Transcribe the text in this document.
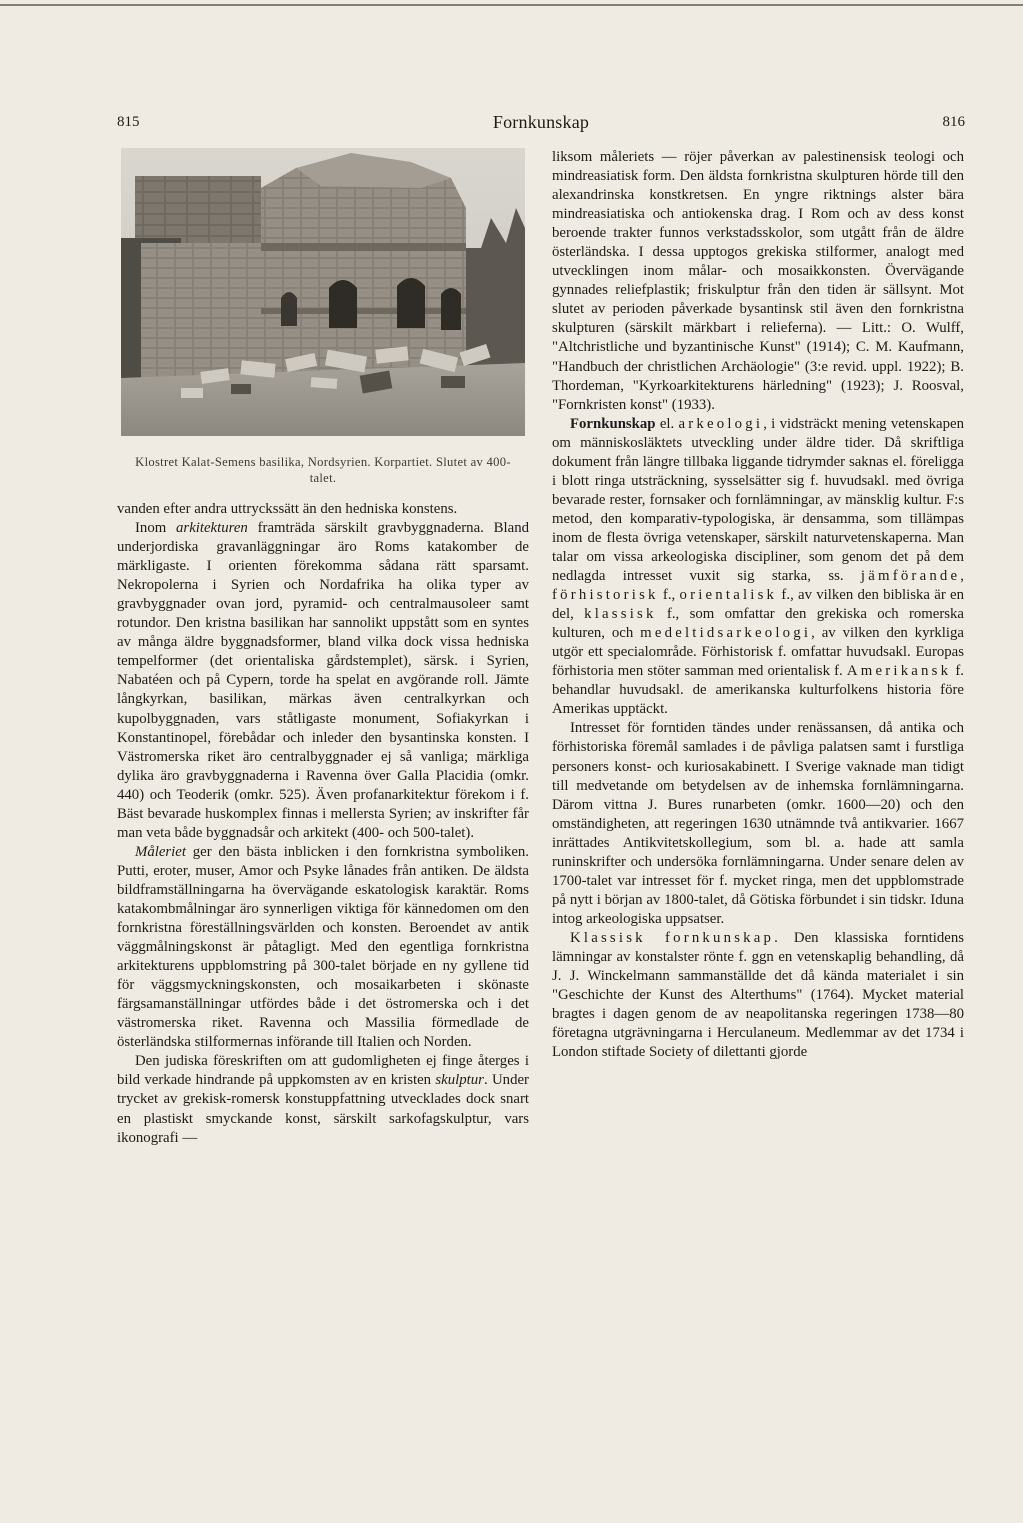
815	Fornkunskap	816
Klostret Kalat-Semens basilika, Nordsyrien. Korpartiet. Slutet av 400-talet.

vanden efter andra uttryckssätt än den hedniska konstens.

Inom arkitekturen framträda särskilt gravbyggnaderna. Bland underjordiska gravanläggningar äro Roms katakomber de märkligaste. I orienten förekomma sådana rätt sparsamt. Nekropolerna i Syrien och Nordafrika ha olika typer av gravbyggnader ovan jord, pyramid- och centralmausoleer samt rotundor. Den kristna basilikan har sannolikt uppstått som en syntes av många äldre byggnadsformer, bland vilka dock vissa hedniska tempelformer (det orientaliska gårdstemplet), särsk. i Syrien, Nabatéen och på Cypern, torde ha spelat en avgörande roll. Jämte långkyrkan, basilikan, märkas även centralkyrkan och kupolbyggnaden, vars ståtligaste monument, Sofiakyrkan i Konstantinopel, förebådar och inleder den bysantinska konsten. I Västromerska riket äro centralbyggnader ej så vanliga; märkliga dylika äro gravbyggnaderna i Ravenna över Galla Placidia (omkr. 440) och Teoderik (omkr. 525). Även profanarkitektur förekom i f. Bäst bevarade huskomplex finnas i mellersta Syrien; av inskrifter får man veta både byggnadsår och arkitekt (400- och 500-talet).

Måleriet ger den bästa inblicken i den fornkristna symboliken. Putti, eroter, muser, Amor och Psyke lånades från antiken. De äldsta bildframställningarna ha övervägande eskatologisk karaktär. Roms katakombmålningar äro synnerligen viktiga för kännedomen om den fornkristna föreställningsvärlden och konsten. Beroendet av antik väggmålningskonst är påtagligt. Med den egentliga fornkristna arkitekturens uppblomstring på 300-talet började en ny gyllene tid för väggsmyckningskonsten, och mosaikarbeten i skönaste färgsamanställningar utfördes både i det östromerska och i det västromerska riket. Ravenna och Massilia förmedlade de österländska stilformernas införande till Italien och Norden.

Den judiska föreskriften om att gudomligheten ej finge återges i bild verkade hindrande på uppkomsten av en kristen skulptur. Under trycket av grekisk-romersk konstuppfattning utvecklades dock snart en plastiskt smyckande konst, särskilt sarkofagskulptur, vars ikonografi —

liksom måleriets — röjer påverkan av palestinensisk teologi och mindreasiatisk form. Den äldsta fornkristna skulpturen hörde till den alexandrinska konstkretsen. En yngre riktnings alster bära mindreasiatiska och antiokenska drag. I Rom och av dess konst beroende trakter funnos verkstadsskolor, som utgått från de äldre österländska. I dessa upptogos grekiska stilformer, analogt med utvecklingen inom målar- och mosaikkonsten. Övervägande gynnades reliefplastik; friskulptur från den tiden är sällsynt. Mot slutet av perioden påverkade bysantinsk stil även den fornkristna skulpturen (särskilt märkbart i relieferna). — Litt.: O. Wulff, "Altchristliche und byzantinische Kunst" (1914); C. M. Kaufmann, "Handbuch der christlichen Archäologie" (3:e revid. uppl. 1922); B. Thordeman, "Kyrkoarkitekturens härledning" (1923); J. Roosval, "Fornkristen konst" (1933).

Fornkunskap el. arkeologi, i vidsträckt mening vetenskapen om människosläktets utveckling under äldre tider. Då skriftliga dokument från längre tillbaka liggande tidrymder saknas el. föreligga i blott ringa utsträckning, sysselsätter sig f. huvudsakl. med övriga bevarade rester, fornsaker och fornlämningar, av mänsklig kultur. F:s metod, den komparativ-typologiska, är densamma, som tillämpas inom de flesta övriga vetenskaper, särskilt naturvetenskaperna. Man talar om vissa arkeologiska discipliner, som genom det på dem nedlagda intresset vuxit sig starka, ss. jämförande, förhistorisk f., orientalisk f., av vilken den bibliska är en del, klassisk f., som omfattar den grekiska och romerska kulturen, och medeltidsarkeologi, av vilken den kyrkliga utgör ett specialområde. Förhistorisk f. omfattar huvudsakl. Europas förhistoria men stöter samman med orientalisk f. Amerikansk f. behandlar huvudsakl. de amerikanska kulturfolkens historia före Amerikas upptäckt.

Intresset för forntiden tändes under renässansen, då antika och förhistoriska föremål samlades i de påvliga palatsen samt i furstliga personers konst- och kuriosakabinett. I Sverige vaknade man tidigt till medvetande om betydelsen av de inhemska fornlämningarna. Därom vittna J. Bures runarbeten (omkr. 1600—20) och den omständigheten, att regeringen 1630 utnämnde två antikvarier. 1667 inrättades Antikvitetskollegium, som bl. a. hade att samla runinskrifter och undersöka fornlämningarna. Under senare delen av 1700-talet var intresset för f. mycket ringa, men det uppblomstrade på nytt i början av 1800-talet, då Götiska förbundet i sin tidskr. Iduna intog arkeologiska uppsatser.

Klassisk fornkunskap. Den klassiska forntidens lämningar av konstalster rönte f. ggn en vetenskaplig behandling, då J. J. Winckelmann sammanställde det då kända materialet i sin "Geschichte der Kunst des Alterthums" (1764). Mycket material bragtes i dagen genom de av neapolitanska regeringen 1738—80 företagna utgrävningarna i Herculaneum. Medlemmar av det 1734 i London stiftade Society of dilettanti gjorde
